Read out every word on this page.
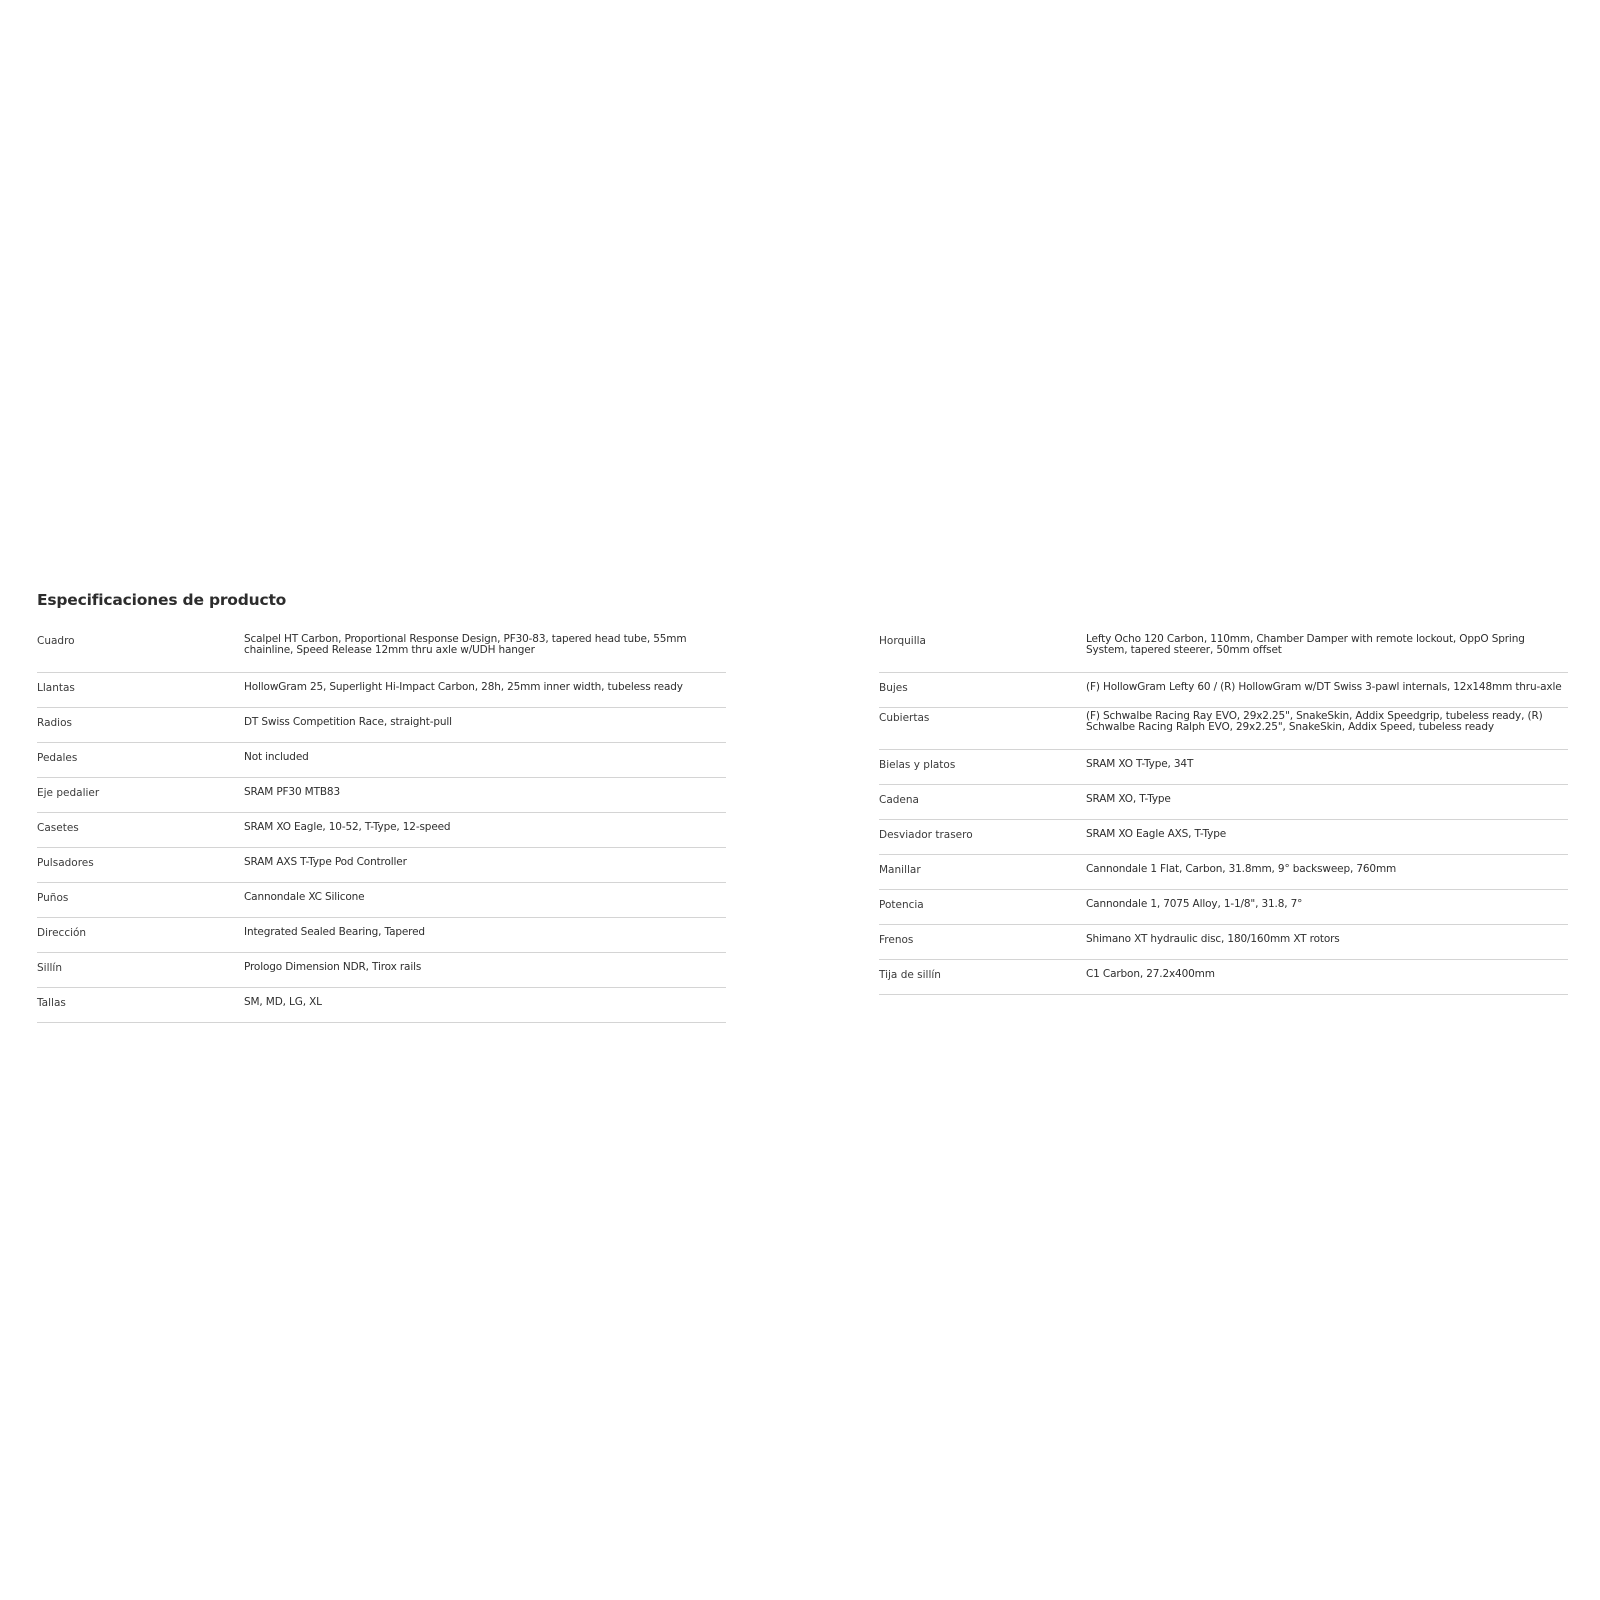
Especificaciones de producto
Cuadro	Scalpel HT Carbon, Proportional Response Design, PF30-83, tapered head tube, 55mm chainline, Speed Release 12mm thru axle w/UDH hanger
Llantas	HollowGram 25, Superlight Hi-Impact Carbon, 28h, 25mm inner width, tubeless ready
Radios	DT Swiss Competition Race, straight-pull
Pedales	Not included
Eje pedalier	SRAM PF30 MTB83
Casetes	SRAM XO Eagle, 10-52, T-Type, 12-speed
Pulsadores	SRAM AXS T-Type Pod Controller
Puños	Cannondale XC Silicone
Dirección	Integrated Sealed Bearing, Tapered
Sillín	Prologo Dimension NDR, Tirox rails
Tallas	SM, MD, LG, XL
Horquilla	Lefty Ocho 120 Carbon, 110mm, Chamber Damper with remote lockout, OppO Spring System, tapered steerer, 50mm offset
Bujes	(F) HollowGram Lefty 60 / (R) HollowGram w/DT Swiss 3-pawl internals, 12x148mm thru-axle
Cubiertas	(F) Schwalbe Racing Ray EVO, 29x2.25", SnakeSkin, Addix Speedgrip, tubeless ready, (R) Schwalbe Racing Ralph EVO, 29x2.25", SnakeSkin, Addix Speed, tubeless ready
Bielas y platos	SRAM XO T-Type, 34T
Cadena	SRAM XO, T-Type
Desviador trasero	SRAM XO Eagle AXS, T-Type
Manillar	Cannondale 1 Flat, Carbon, 31.8mm, 9° backsweep, 760mm
Potencia	Cannondale 1, 7075 Alloy, 1-1/8", 31.8, 7°
Frenos	Shimano XT hydraulic disc, 180/160mm XT rotors
Tija de sillín	C1 Carbon, 27.2x400mm
